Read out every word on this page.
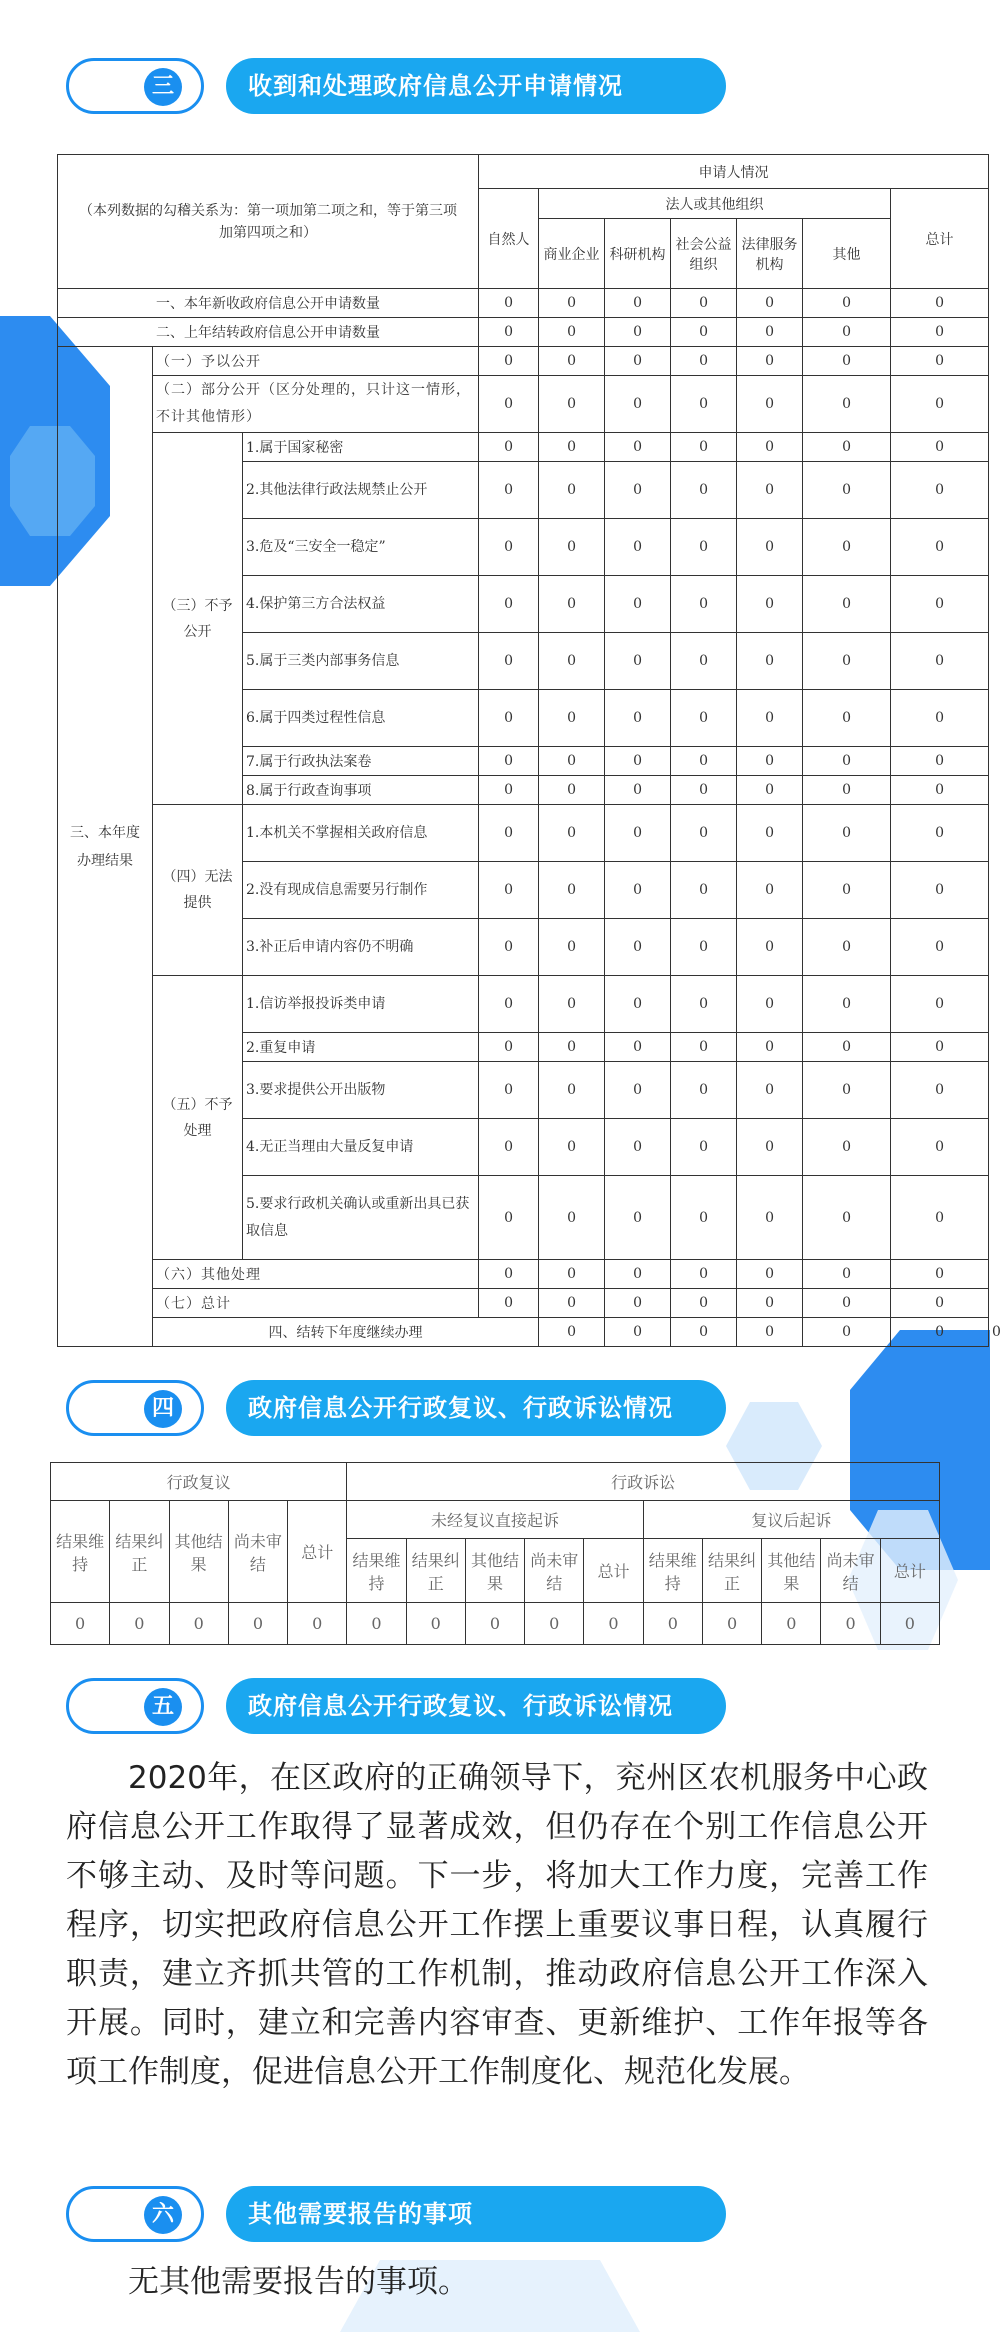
三	收到和处理政府信息公开申请情况
（本列数据的勾稽关系为：第一项加第二项之和，等于第三项加第四项之和）			申请人情况							
			自然人	法人或其他组织					总计	
				商业企业	科研机构	社会公益组织	法律服务机构	其他		
一、本年新收政府信息公开申请数量			0	0	0	0	0	0	0	
二、上年结转政府信息公开申请数量			0	0	0	0	0	0	0	
三、本年度办理结果	（一）予以公开		0	0	0	0	0	0	0	
	（二）部分公开（区分处理的，只计这一情形，不计其他情形）		0	0	0	0	0	0	0	
	（三）不予公开	1.属于国家秘密	0	0	0	0	0	0	0	
		2.其他法律行政法规禁止公开	0	0	0	0	0	0	0	
		3.危及“三安全一稳定”	0	0	0	0	0	0	0	
		4.保护第三方合法权益	0	0	0	0	0	0	0	
		5.属于三类内部事务信息	0	0	0	0	0	0	0	
		6.属于四类过程性信息	0	0	0	0	0	0	0	
		7.属于行政执法案卷	0	0	0	0	0	0	0	
		8.属于行政查询事项	0	0	0	0	0	0	0	
	（四）无法提供	1.本机关不掌握相关政府信息	0	0	0	0	0	0	0	
		2.没有现成信息需要另行制作	0	0	0	0	0	0	0	
		3.补正后申请内容仍不明确	0	0	0	0	0	0	0	
	（五）不予处理	1.信访举报投诉类申请	0	0	0	0	0	0	0	
		2.重复申请	0	0	0	0	0	0	0	
		3.要求提供公开出版物	0	0	0	0	0	0	0	
		4.无正当理由大量反复申请	0	0	0	0	0	0	0	
		5.要求行政机关确认或重新出具已获取信息	0	0	0	0	0	0	0	
	（六）其他处理		0	0	0	0	0	0	0	
	（七）总计		0	0	0	0	0	0	0	
	四、结转下年度继续办理			0	0	0	0	0	0	0
四	政府信息公开行政复议、行政诉讼情况
行政复议					行政诉讼									
结果维持	结果纠正	其他结果	尚未审结	总计	未经复议直接起诉					复议后起诉				
					结果维持	结果纠正	其他结果	尚未审结	总计	结果维持	结果纠正	其他结果	尚未审结	总计
0	0	0	0	0	0	0	0	0	0	0	0	0	0	0
五	政府信息公开行政复议、行政诉讼情况

2020年，在区政府的正确领导下，兖州区农机服务中心政府信息公开工作取得了显著成效，但仍存在个别工作信息公开不够主动、及时等问题。下一步，将加大工作力度，完善工作程序，切实把政府信息公开工作摆上重要议事日程，认真履行职责，建立齐抓共管的工作机制，推动政府信息公开工作深入开展。同时，建立和完善内容审查、更新维护、工作年报等各项工作制度，促进信息公开工作制度化、规范化发展。

六	其他需要报告的事项

无其他需要报告的事项。
